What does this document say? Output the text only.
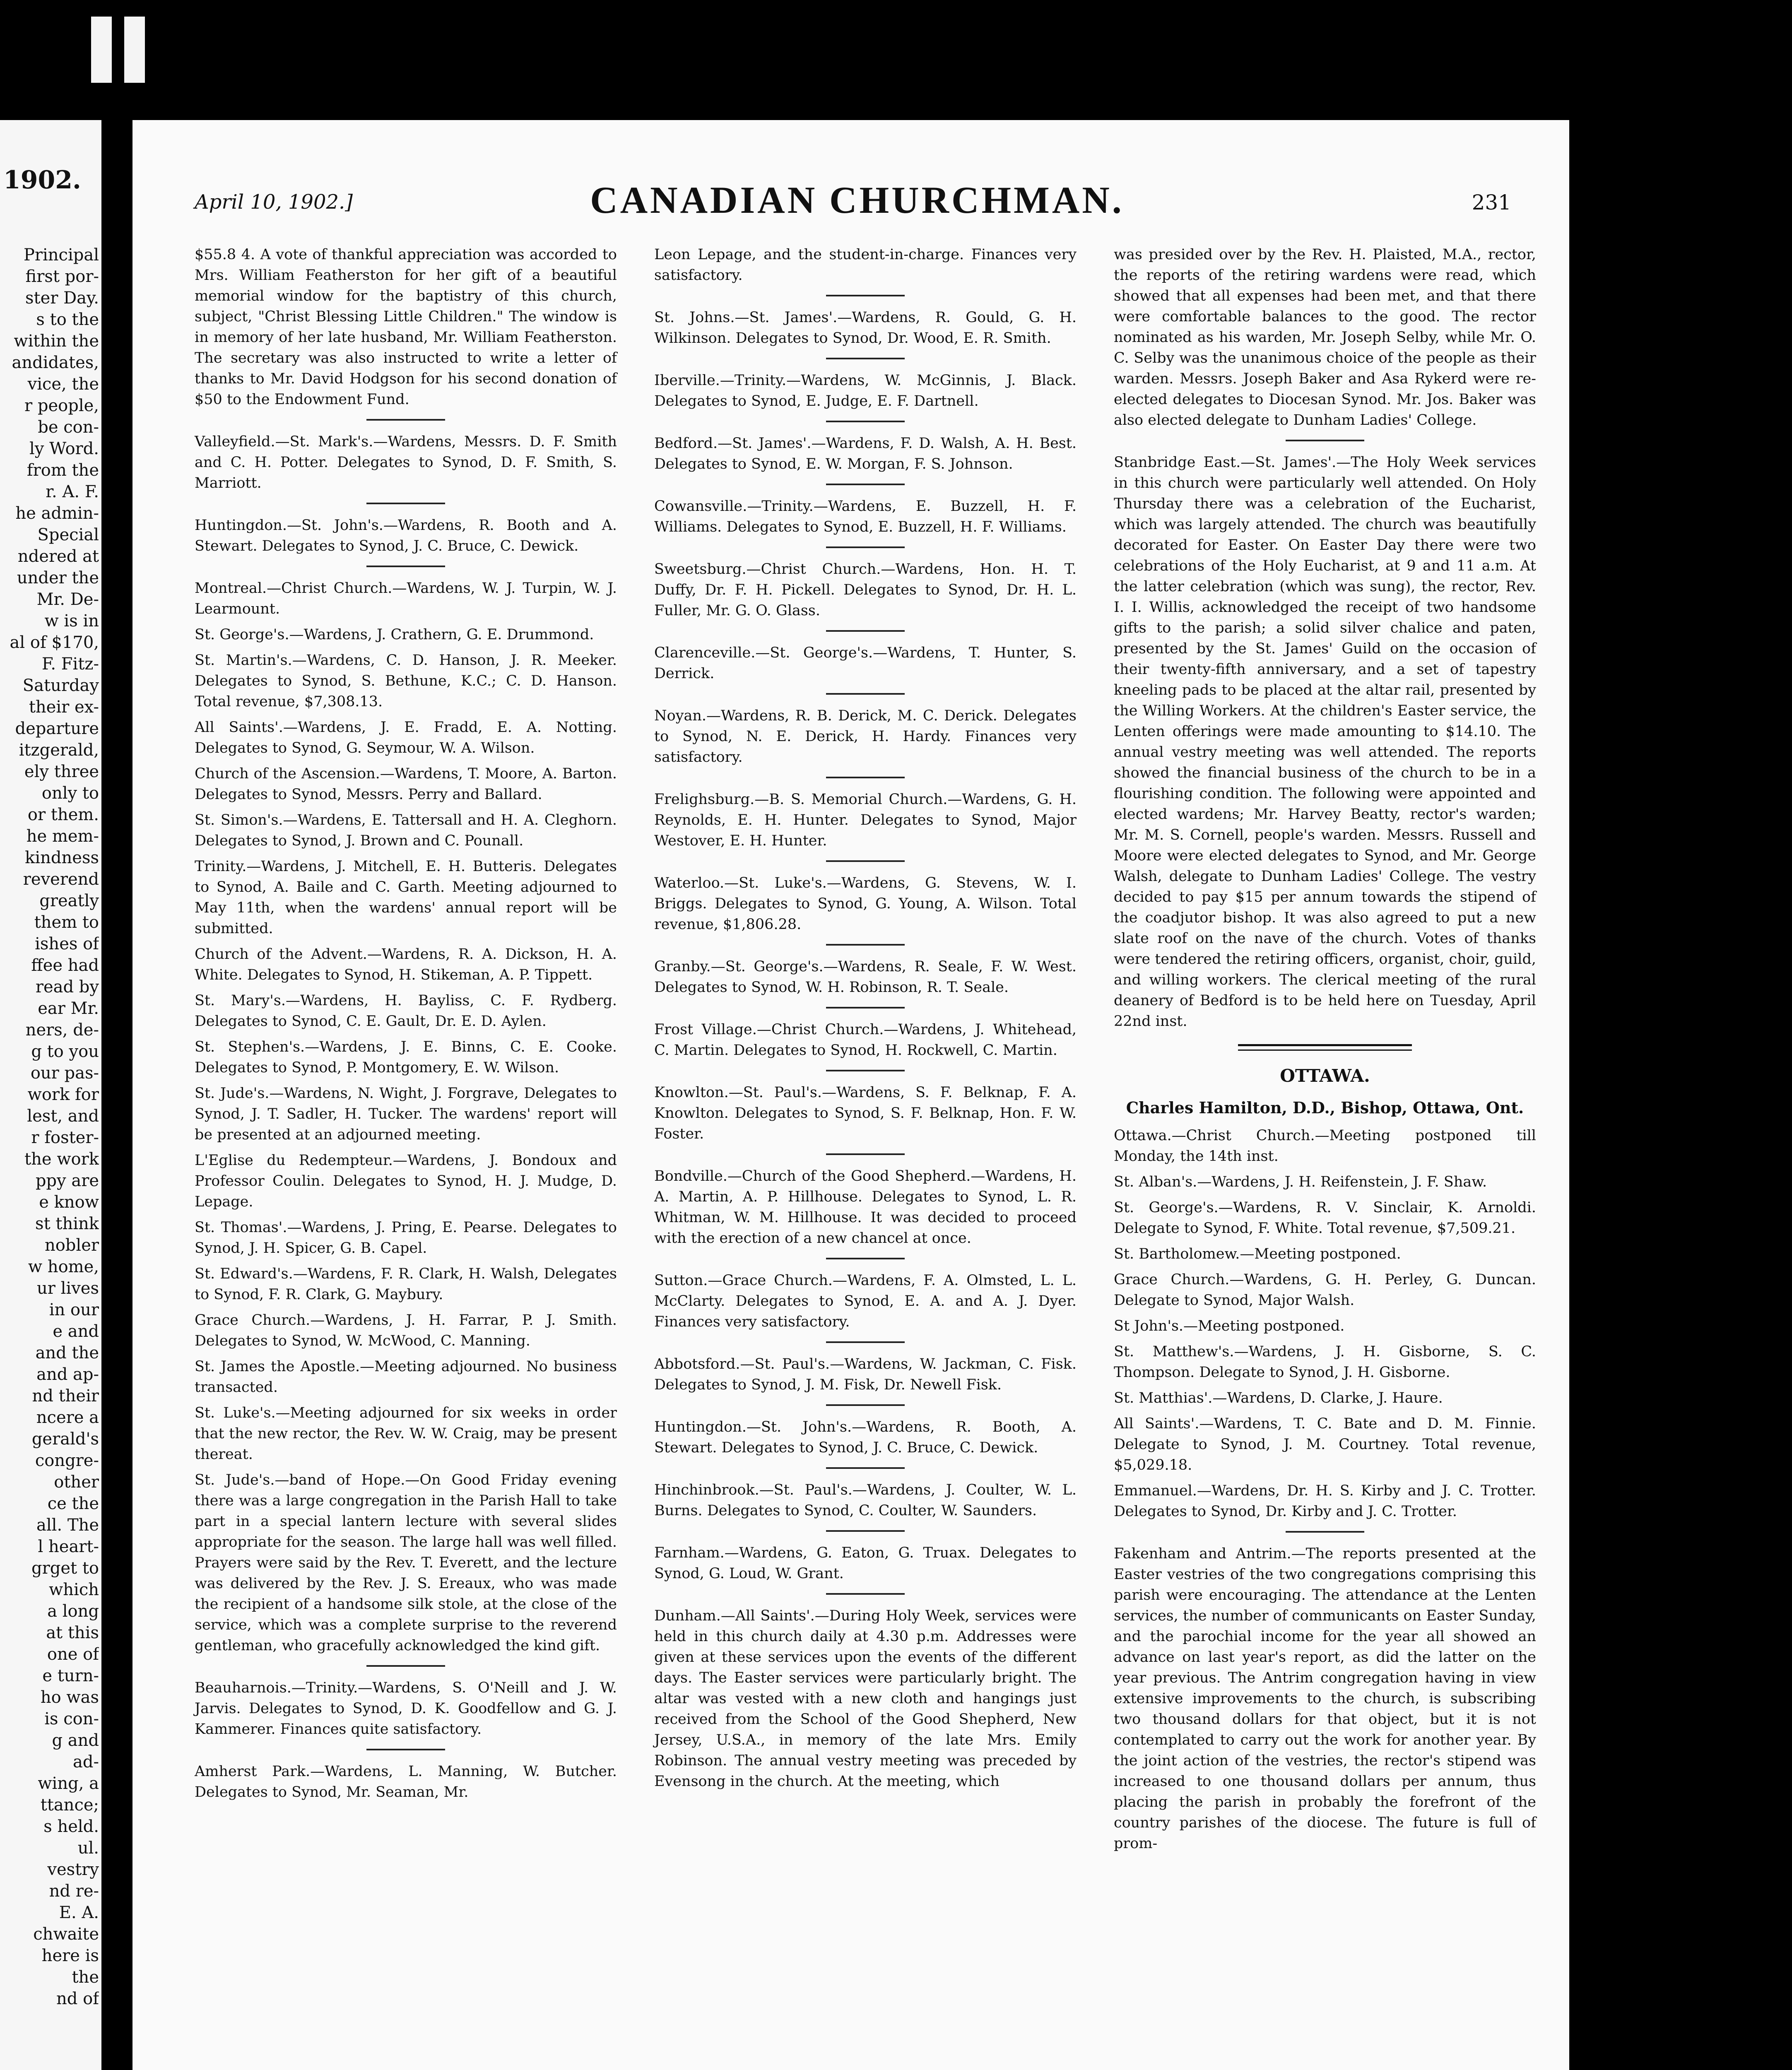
1902.
Principal
first por-
ster Day.
s to the
within the
andidates,
vice, the
r people,
be con-
ly Word.
from the
r. A. F.
he admin-
Special
ndered at
under the
Mr. De-
w is in
al of $170,
F. Fitz-
Saturday
their ex-
departure
itzgerald,
ely three
only to
or them.
he mem-
kindness
reverend
greatly
them to
ishes of
ffee had
read by
ear Mr.
ners, de-
g to you
our pas-
work for
lest, and
r foster-
the work
ppy are
e know
st think
nobler
w home,
ur lives
in our
e and
and the
and ap-
nd their
ncere a
gerald's
congre-
other
ce the
all. The
l heart-
grget to
which
a long
at this
one of
e turn-
ho was
is con-
g and
ad-
wing, a
ttance;
s held.
ul.
vestry
nd re-
E. A.
chwaite
here is
the
nd of
April 10, 1902.]	CANADIAN CHURCHMAN.	231

$55.8 4. A vote of thankful appreciation was accorded to Mrs. William Featherston for her gift of a beautiful memorial window for the baptistry of this church, subject, "Christ Blessing Little Children." The window is in memory of her late husband, Mr. William Featherston. The secretary was also instructed to write a letter of thanks to Mr. David Hodgson for his second donation of $50 to the Endowment Fund.

Valleyfield.—St. Mark's.—Wardens, Messrs. D. F. Smith and C. H. Potter. Delegates to Synod, D. F. Smith, S. Marriott.

Huntingdon.—St. John's.—Wardens, R. Booth and A. Stewart. Delegates to Synod, J. C. Bruce, C. Dewick.

Montreal.—Christ Church.—Wardens, W. J. Turpin, W. J. Learmount.

St. George's.—Wardens, J. Crathern, G. E. Drummond.

St. Martin's.—Wardens, C. D. Hanson, J. R. Meeker. Delegates to Synod, S. Bethune, K.C.; C. D. Hanson. Total revenue, $7,308.13.

All Saints'.—Wardens, J. E. Fradd, E. A. Notting. Delegates to Synod, G. Seymour, W. A. Wilson.

Church of the Ascension.—Wardens, T. Moore, A. Barton. Delegates to Synod, Messrs. Perry and Ballard.

St. Simon's.—Wardens, E. Tattersall and H. A. Cleghorn. Delegates to Synod, J. Brown and C. Pounall.

Trinity.—Wardens, J. Mitchell, E. H. Butteris. Delegates to Synod, A. Baile and C. Garth. Meeting adjourned to May 11th, when the wardens' annual report will be submitted.

Church of the Advent.—Wardens, R. A. Dickson, H. A. White. Delegates to Synod, H. Stikeman, A. P. Tippett.

St. Mary's.—Wardens, H. Bayliss, C. F. Rydberg. Delegates to Synod, C. E. Gault, Dr. E. D. Aylen.

St. Stephen's.—Wardens, J. E. Binns, C. E. Cooke. Delegates to Synod, P. Montgomery, E. W. Wilson.

St. Jude's.—Wardens, N. Wight, J. Forgrave, Delegates to Synod, J. T. Sadler, H. Tucker. The wardens' report will be presented at an adjourned meeting.

L'Eglise du Redempteur.—Wardens, J. Bondoux and Professor Coulin. Delegates to Synod, H. J. Mudge, D. Lepage.

St. Thomas'.—Wardens, J. Pring, E. Pearse. Delegates to Synod, J. H. Spicer, G. B. Capel.

St. Edward's.—Wardens, F. R. Clark, H. Walsh, Delegates to Synod, F. R. Clark, G. Maybury.

Grace Church.—Wardens, J. H. Farrar, P. J. Smith. Delegates to Synod, W. McWood, C. Manning.

St. James the Apostle.—Meeting adjourned. No business transacted.

St. Luke's.—Meeting adjourned for six weeks in order that the new rector, the Rev. W. W. Craig, may be present thereat.

St. Jude's.—band of Hope.—On Good Friday evening there was a large congregation in the Parish Hall to take part in a special lantern lecture with several slides appropriate for the season. The large hall was well filled. Prayers were said by the Rev. T. Everett, and the lecture was delivered by the Rev. J. S. Ereaux, who was made the recipient of a handsome silk stole, at the close of the service, which was a complete surprise to the reverend gentleman, who gracefully acknowledged the kind gift.

Beauharnois.—Trinity.—Wardens, S. O'Neill and J. W. Jarvis. Delegates to Synod, D. K. Goodfellow and G. J. Kammerer. Finances quite satisfactory.

Amherst Park.—Wardens, L. Manning, W. Butcher. Delegates to Synod, Mr. Seaman, Mr.

Leon Lepage, and the student-in-charge. Finances very satisfactory.

St. Johns.—St. James'.—Wardens, R. Gould, G. H. Wilkinson. Delegates to Synod, Dr. Wood, E. R. Smith.

Iberville.—Trinity.—Wardens, W. McGinnis, J. Black. Delegates to Synod, E. Judge, E. F. Dartnell.

Bedford.—St. James'.—Wardens, F. D. Walsh, A. H. Best. Delegates to Synod, E. W. Morgan, F. S. Johnson.

Cowansville.—Trinity.—Wardens, E. Buzzell, H. F. Williams. Delegates to Synod, E. Buzzell, H. F. Williams.

Sweetsburg.—Christ Church.—Wardens, Hon. H. T. Duffy, Dr. F. H. Pickell. Delegates to Synod, Dr. H. L. Fuller, Mr. G. O. Glass.

Clarenceville.—St. George's.—Wardens, T. Hunter, S. Derrick.

Noyan.—Wardens, R. B. Derick, M. C. Derick. Delegates to Synod, N. E. Derick, H. Hardy. Finances very satisfactory.

Frelighsburg.—B. S. Memorial Church.—Wardens, G. H. Reynolds, E. H. Hunter. Delegates to Synod, Major Westover, E. H. Hunter.

Waterloo.—St. Luke's.—Wardens, G. Stevens, W. I. Briggs. Delegates to Synod, G. Young, A. Wilson. Total revenue, $1,806.28.

Granby.—St. George's.—Wardens, R. Seale, F. W. West. Delegates to Synod, W. H. Robinson, R. T. Seale.

Frost Village.—Christ Church.—Wardens, J. Whitehead, C. Martin. Delegates to Synod, H. Rockwell, C. Martin.

Knowlton.—St. Paul's.—Wardens, S. F. Belknap, F. A. Knowlton. Delegates to Synod, S. F. Belknap, Hon. F. W. Foster.

Bondville.—Church of the Good Shepherd.—Wardens, H. A. Martin, A. P. Hillhouse. Delegates to Synod, L. R. Whitman, W. M. Hillhouse. It was decided to proceed with the erection of a new chancel at once.

Sutton.—Grace Church.—Wardens, F. A. Olmsted, L. L. McClarty. Delegates to Synod, E. A. and A. J. Dyer. Finances very satisfactory.

Abbotsford.—St. Paul's.—Wardens, W. Jackman, C. Fisk. Delegates to Synod, J. M. Fisk, Dr. Newell Fisk.

Huntingdon.—St. John's.—Wardens, R. Booth, A. Stewart. Delegates to Synod, J. C. Bruce, C. Dewick.

Hinchinbrook.—St. Paul's.—Wardens, J. Coulter, W. L. Burns. Delegates to Synod, C. Coulter, W. Saunders.

Farnham.—Wardens, G. Eaton, G. Truax. Delegates to Synod, G. Loud, W. Grant.

Dunham.—All Saints'.—During Holy Week, services were held in this church daily at 4.30 p.m. Addresses were given at these services upon the events of the different days. The Easter services were particularly bright. The altar was vested with a new cloth and hangings just received from the School of the Good Shepherd, New Jersey, U.S.A., in memory of the late Mrs. Emily Robinson. The annual vestry meeting was preceded by Evensong in the church. At the meeting, which

was presided over by the Rev. H. Plaisted, M.A., rector, the reports of the retiring wardens were read, which showed that all expenses had been met, and that there were comfortable balances to the good. The rector nominated as his warden, Mr. Joseph Selby, while Mr. O. C. Selby was the unanimous choice of the people as their warden. Messrs. Joseph Baker and Asa Rykerd were re-elected delegates to Diocesan Synod. Mr. Jos. Baker was also elected delegate to Dunham Ladies' College.

Stanbridge East.—St. James'.—The Holy Week services in this church were particularly well attended. On Holy Thursday there was a celebration of the Eucharist, which was largely attended. The church was beautifully decorated for Easter. On Easter Day there were two celebrations of the Holy Eucharist, at 9 and 11 a.m. At the latter celebration (which was sung), the rector, Rev. I. I. Willis, acknowledged the receipt of two handsome gifts to the parish; a solid silver chalice and paten, presented by the St. James' Guild on the occasion of their twenty-fifth anniversary, and a set of tapestry kneeling pads to be placed at the altar rail, presented by the Willing Workers. At the children's Easter service, the Lenten offerings were made amounting to $14.10. The annual vestry meeting was well attended. The reports showed the financial business of the church to be in a flourishing condition. The following were appointed and elected wardens; Mr. Harvey Beatty, rector's warden; Mr. M. S. Cornell, people's warden. Messrs. Russell and Moore were elected delegates to Synod, and Mr. George Walsh, delegate to Dunham Ladies' College. The vestry decided to pay $15 per annum towards the stipend of the coadjutor bishop. It was also agreed to put a new slate roof on the nave of the church. Votes of thanks were tendered the retiring officers, organist, choir, guild, and willing workers. The clerical meeting of the rural deanery of Bedford is to be held here on Tuesday, April 22nd inst.

OTTAWA.
Charles Hamilton, D.D., Bishop, Ottawa, Ont.

Ottawa.—Christ Church.—Meeting postponed till Monday, the 14th inst.

St. Alban's.—Wardens, J. H. Reifenstein, J. F. Shaw.

St. George's.—Wardens, R. V. Sinclair, K. Arnoldi. Delegate to Synod, F. White. Total revenue, $7,509.21.

St. Bartholomew.—Meeting postponed.

Grace Church.—Wardens, G. H. Perley, G. Duncan. Delegate to Synod, Major Walsh.

St John's.—Meeting postponed.

St. Matthew's.—Wardens, J. H. Gisborne, S. C. Thompson. Delegate to Synod, J. H. Gisborne.

St. Matthias'.—Wardens, D. Clarke, J. Haure.

All Saints'.—Wardens, T. C. Bate and D. M. Finnie. Delegate to Synod, J. M. Courtney. Total revenue, $5,029.18.

Emmanuel.—Wardens, Dr. H. S. Kirby and J. C. Trotter. Delegates to Synod, Dr. Kirby and J. C. Trotter.

Fakenham and Antrim.—The reports presented at the Easter vestries of the two congregations comprising this parish were encouraging. The attendance at the Lenten services, the number of communicants on Easter Sunday, and the parochial income for the year all showed an advance on last year's report, as did the latter on the year previous. The Antrim congregation having in view extensive improvements to the church, is subscribing two thousand dollars for that object, but it is not contemplated to carry out the work for another year. By the joint action of the vestries, the rector's stipend was increased to one thousand dollars per annum, thus placing the parish in probably the forefront of the country parishes of the diocese. The future is full of prom-
